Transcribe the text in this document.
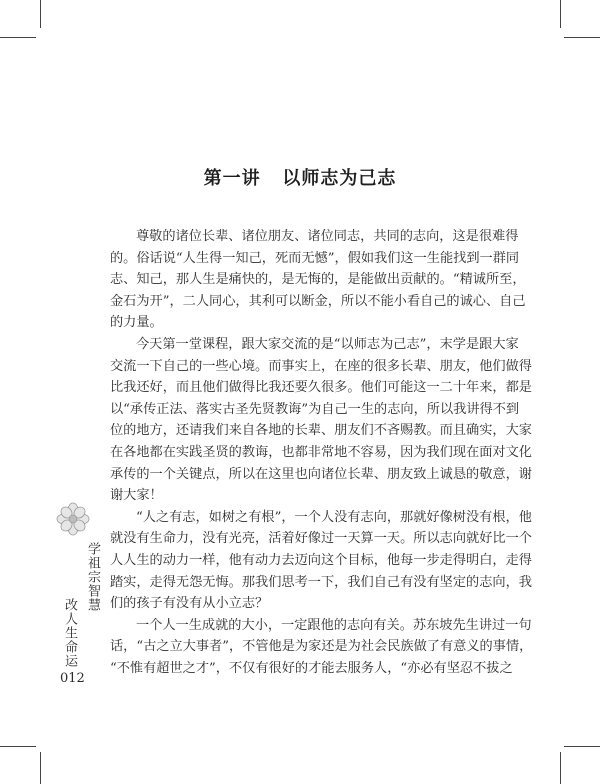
第一讲   以师志为己志
尊敬的诸位长辈、诸位朋友、诸位同志，共同的志向，这是很难得
的。俗话说“人生得一知己，死而无憾”，假如我们这一生能找到一群同
志、知己，那人生是痛快的，是无悔的，是能做出贡献的。“精诚所至，
金石为开”，二人同心，其利可以断金，所以不能小看自己的诚心、自己
的力量。
今天第一堂课程，跟大家交流的是“以师志为己志”，末学是跟大家
交流一下自己的一些心境。而事实上，在座的很多长辈、朋友，他们做得
比我还好，而且他们做得比我还要久很多。他们可能这一二十年来，都是
以“承传正法、落实古圣先贤教诲”为自己一生的志向，所以我讲得不到
位的地方，还请我们来自各地的长辈、朋友们不吝赐教。而且确实，大家
在各地都在实践圣贤的教诲，也都非常地不容易，因为我们现在面对文化
承传的一个关键点，所以在这里也向诸位长辈、朋友致上诚恳的敬意，谢
谢大家！
“人之有志，如树之有根”，一个人没有志向，那就好像树没有根，他
就没有生命力，没有光亮，活着好像过一天算一天。所以志向就好比一个
人人生的动力一样，他有动力去迈向这个目标，他每一步走得明白，走得
踏实，走得无怨无悔。那我们思考一下，我们自己有没有坚定的志向，我
们的孩子有没有从小立志？
一个人一生成就的大小，一定跟他的志向有关。苏东坡先生讲过一句
话，“古之立大事者”，不管他是为家还是为社会民族做了有意义的事情，
“不惟有超世之才”，不仅有很好的才能去服务人，“亦必有坚忍不拔之
改人生命运
学祖宗智慧
012
